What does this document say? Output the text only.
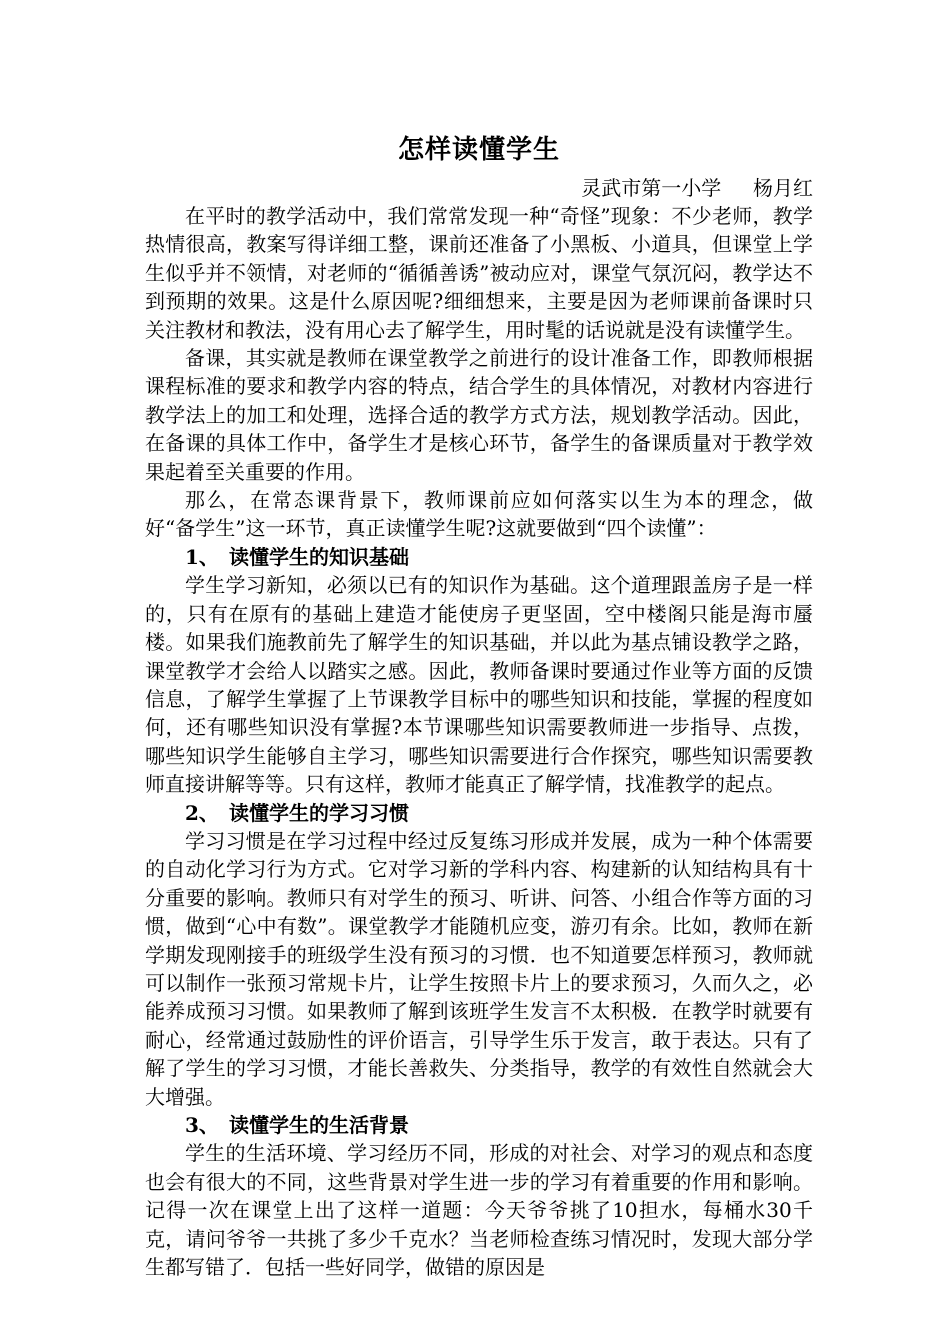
怎样读懂学生

灵武市第一小学     杨月红

在平时的教学活动中，我们常常发现一种“奇怪”现象：不少老师，教学热情很高，教案写得详细工整，课前还准备了小黑板、小道具，但课堂上学生似乎并不领情，对老师的“循循善诱”被动应对，课堂气氛沉闷，教学达不到预期的效果。这是什么原因呢?细细想来，主要是因为老师课前备课时只关注教材和教法，没有用心去了解学生，用时髦的话说就是没有读懂学生。

备课，其实就是教师在课堂教学之前进行的设计准备工作，即教师根据课程标准的要求和教学内容的特点，结合学生的具体情况，对教材内容进行教学法上的加工和处理，选择合适的教学方式方法，规划教学活动。因此，在备课的具体工作中，备学生才是核心环节，备学生的备课质量对于教学效果起着至关重要的作用。

那么，在常态课背景下，教师课前应如何落实以生为本的理念，做好“备学生”这一环节，真正读懂学生呢?这就要做到“四个读懂”：

1、 读懂学生的知识基础

学生学习新知，必须以已有的知识作为基础。这个道理跟盖房子是一样的，只有在原有的基础上建造才能使房子更坚固，空中楼阁只能是海市蜃楼。如果我们施教前先了解学生的知识基础，并以此为基点铺设教学之路，课堂教学才会给人以踏实之感。因此，教师备课时要通过作业等方面的反馈信息，了解学生掌握了上节课教学目标中的哪些知识和技能，掌握的程度如何，还有哪些知识没有掌握?本节课哪些知识需要教师进一步指导、点拨，哪些知识学生能够自主学习，哪些知识需要进行合作探究，哪些知识需要教师直接讲解等等。只有这样，教师才能真正了解学情，找准教学的起点。

2、 读懂学生的学习习惯

学习习惯是在学习过程中经过反复练习形成并发展，成为一种个体需要的自动化学习行为方式。它对学习新的学科内容、构建新的认知结构具有十分重要的影响。教师只有对学生的预习、听讲、问答、小组合作等方面的习惯，做到“心中有数”。课堂教学才能随机应变，游刃有余。比如，教师在新学期发现刚接手的班级学生没有预习的习惯．也不知道要怎样预习，教师就可以制作一张预习常规卡片，让学生按照卡片上的要求预习，久而久之，必能养成预习习惯。如果教师了解到该班学生发言不太积极．在教学时就要有耐心，经常通过鼓励性的评价语言，引导学生乐于发言，敢于表达。只有了解了学生的学习习惯，才能长善救失、分类指导，教学的有效性自然就会大大增强。

3、 读懂学生的生活背景

学生的生活环境、学习经历不同，形成的对社会、对学习的观点和态度也会有很大的不同，这些背景对学生进一步的学习有着重要的作用和影响。记得一次在课堂上出了这样一道题：今天爷爷挑了10担水，每桶水30千克，请问爷爷一共挑了多少千克水？当老师检查练习情况时，发现大部分学生都写错了．包括一些好同学，做错的原因是
